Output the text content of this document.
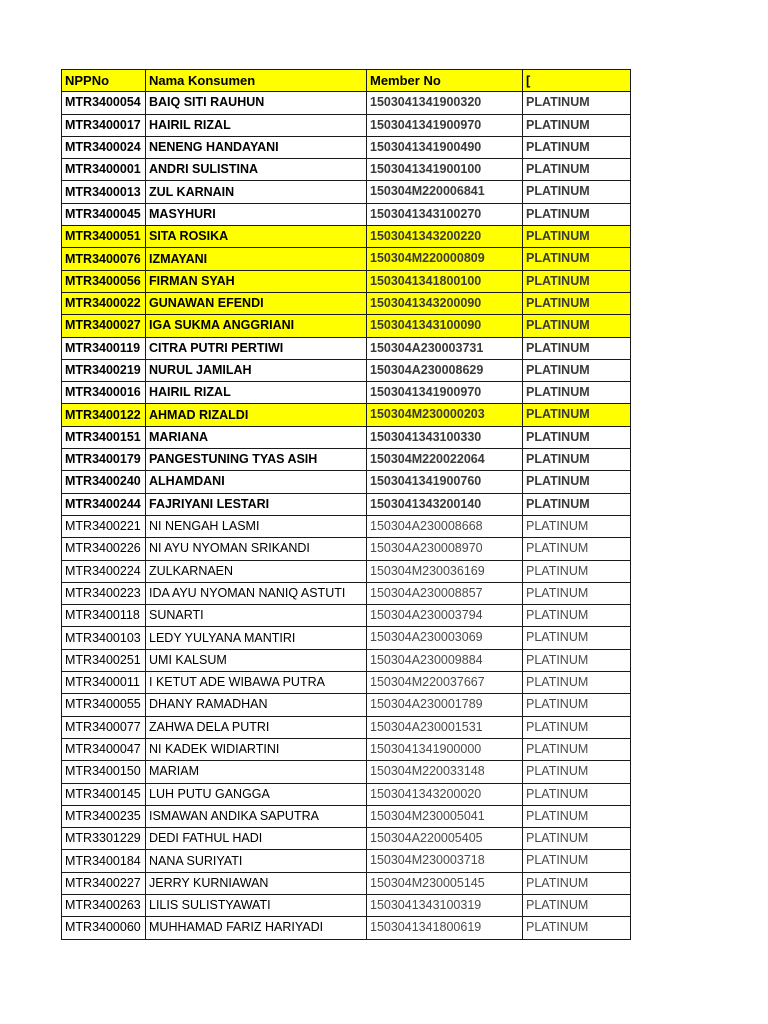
NPPNo	Nama Konsumen	Member No	[
MTR3400054	BAIQ SITI RAUHUN	1503041341900320	PLATINUM
MTR3400017	HAIRIL RIZAL	1503041341900970	PLATINUM
MTR3400024	NENENG HANDAYANI	1503041341900490	PLATINUM
MTR3400001	ANDRI SULISTINA	1503041341900100	PLATINUM
MTR3400013	ZUL KARNAIN	150304M220006841	PLATINUM
MTR3400045	MASYHURI	1503041343100270	PLATINUM
MTR3400051	SITA ROSIKA	1503041343200220	PLATINUM
MTR3400076	IZMAYANI	150304M220000809	PLATINUM
MTR3400056	FIRMAN SYAH	1503041341800100	PLATINUM
MTR3400022	GUNAWAN EFENDI	1503041343200090	PLATINUM
MTR3400027	IGA SUKMA ANGGRIANI	1503041343100090	PLATINUM
MTR3400119	CITRA PUTRI PERTIWI	150304A230003731	PLATINUM
MTR3400219	NURUL JAMILAH	150304A230008629	PLATINUM
MTR3400016	HAIRIL RIZAL	1503041341900970	PLATINUM
MTR3400122	AHMAD RIZALDI	150304M230000203	PLATINUM
MTR3400151	MARIANA	1503041343100330	PLATINUM
MTR3400179	PANGESTUNING TYAS ASIH	150304M220022064	PLATINUM
MTR3400240	ALHAMDANI	1503041341900760	PLATINUM
MTR3400244	FAJRIYANI LESTARI	1503041343200140	PLATINUM
MTR3400221	NI NENGAH LASMI	150304A230008668	PLATINUM
MTR3400226	NI AYU NYOMAN SRIKANDI	150304A230008970	PLATINUM
MTR3400224	ZULKARNAEN	150304M230036169	PLATINUM
MTR3400223	IDA AYU NYOMAN NANIQ ASTUTI	150304A230008857	PLATINUM
MTR3400118	SUNARTI	150304A230003794	PLATINUM
MTR3400103	LEDY YULYANA MANTIRI	150304A230003069	PLATINUM
MTR3400251	UMI KALSUM	150304A230009884	PLATINUM
MTR3400011	I KETUT ADE WIBAWA PUTRA	150304M220037667	PLATINUM
MTR3400055	DHANY RAMADHAN	150304A230001789	PLATINUM
MTR3400077	ZAHWA DELA PUTRI	150304A230001531	PLATINUM
MTR3400047	NI KADEK WIDIARTINI	1503041341900000	PLATINUM
MTR3400150	MARIAM	150304M220033148	PLATINUM
MTR3400145	LUH PUTU GANGGA	1503041343200020	PLATINUM
MTR3400235	ISMAWAN ANDIKA SAPUTRA	150304M230005041	PLATINUM
MTR3301229	DEDI FATHUL HADI	150304A220005405	PLATINUM
MTR3400184	NANA SURIYATI	150304M230003718	PLATINUM
MTR3400227	JERRY KURNIAWAN	150304M230005145	PLATINUM
MTR3400263	LILIS SULISTYAWATI	1503041343100319	PLATINUM
MTR3400060	MUHHAMAD FARIZ HARIYADI	1503041341800619	PLATINUM
